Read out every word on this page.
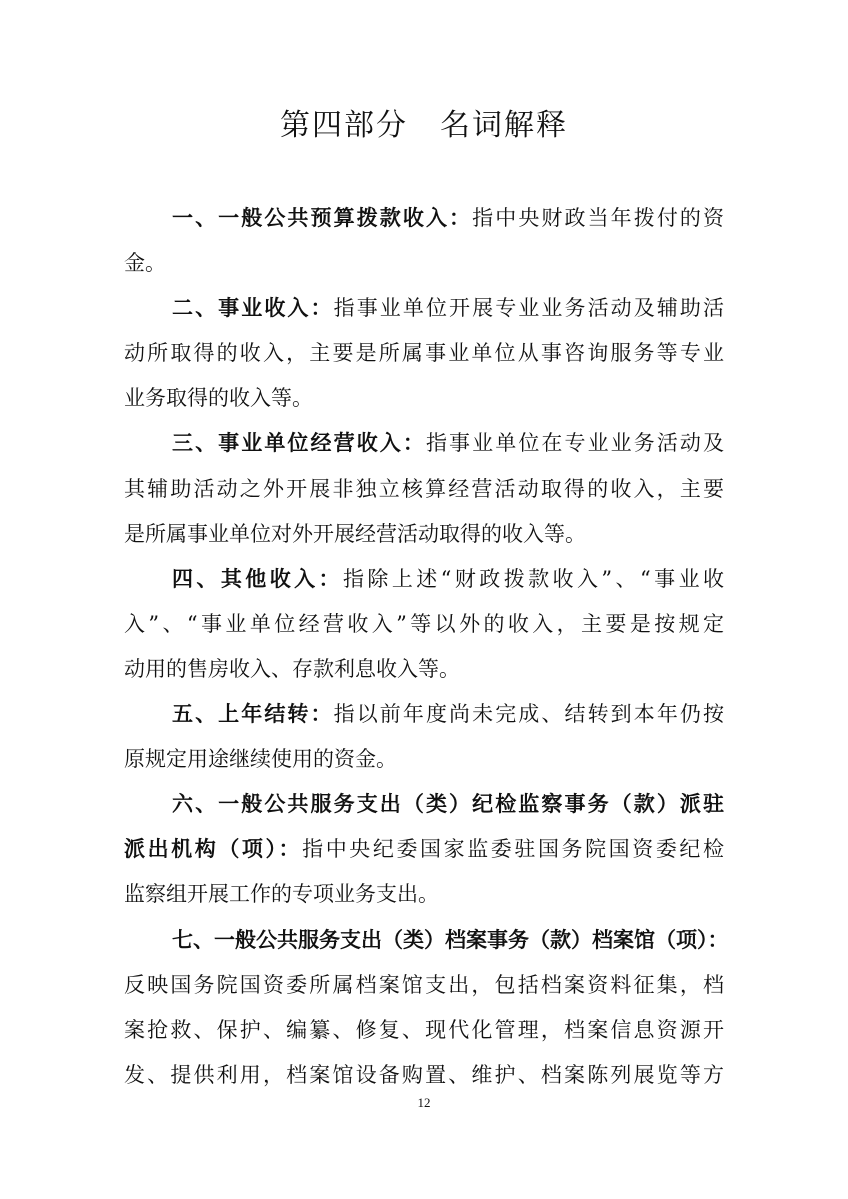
第四部分　名词解释
一、一般公共预算拨款收入：指中央财政当年拨付的资
金。
二、事业收入：指事业单位开展专业业务活动及辅助活
动所取得的收入，主要是所属事业单位从事咨询服务等专业
业务取得的收入等。
三、事业单位经营收入：指事业单位在专业业务活动及
其辅助活动之外开展非独立核算经营活动取得的收入，主要
是所属事业单位对外开展经营活动取得的收入等。
四、其他收入：指除上述“财政拨款收入”、“事业收
入”、“事业单位经营收入”等以外的收入，主要是按规定
动用的售房收入、存款利息收入等。
五、上年结转：指以前年度尚未完成、结转到本年仍按
原规定用途继续使用的资金。
六、一般公共服务支出（类）纪检监察事务（款）派驻
派出机构（项）：指中央纪委国家监委驻国务院国资委纪检
监察组开展工作的专项业务支出。
七、一般公共服务支出（类）档案事务（款）档案馆（项）：
反映国务院国资委所属档案馆支出，包括档案资料征集，档
案抢救、保护、编纂、修复、现代化管理，档案信息资源开
发、提供利用，档案馆设备购置、维护、档案陈列展览等方
12
